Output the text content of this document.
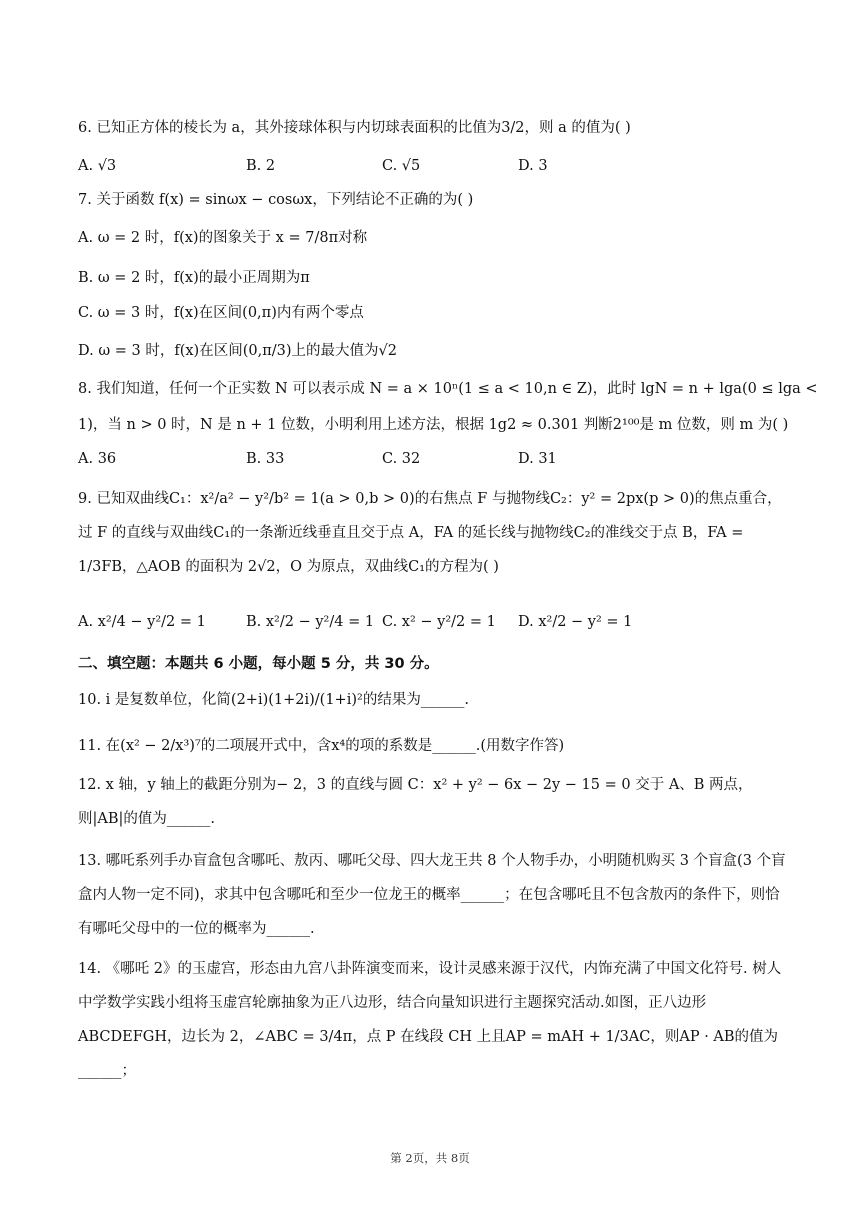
6. 已知正方体的棱长为 a，其外接球体积与内切球表面积的比值为3/2，则 a 的值为( )
A. √3	B. 2	C. √5	D. 3
7. 关于函数 f(x) = sinωx − cosωx，下列结论不正确的为( )
A. ω = 2 时，f(x)的图象关于 x = 7/8π对称
B. ω = 2 时，f(x)的最小正周期为π
C. ω = 3 时，f(x)在区间(0,π)内有两个零点
D. ω = 3 时，f(x)在区间(0,π/3)上的最大值为√2
8. 我们知道，任何一个正实数 N 可以表示成 N = a × 10ⁿ(1 ≤ a < 10,n ∈ Z)，此时 lgN = n + lga(0 ≤ lga <
1)，当 n > 0 时，N 是 n + 1 位数，小明利用上述方法，根据 1g2 ≈ 0.301 判断2¹⁰⁰是 m 位数，则 m 为( )
A. 36	B. 33	C. 32	D. 31
9. 已知双曲线C₁：x²/a² − y²/b² = 1(a > 0,b > 0)的右焦点 F 与抛物线C₂：y² = 2px(p > 0)的焦点重合，过 F 的直线与双曲线C₁的一条渐近线垂直且交于点 A，FA 的延长线与抛物线C₂的准线交于点 B，FA = 1/3FB，△AOB 的面积为 2√2，O 为原点，双曲线C₁的方程为( )
A. x²/4 − y²/2 = 1	B. x²/2 − y²/4 = 1 C. x² − y²/2 = 1 D. x²/2 − y² = 1
二、填空题：本题共 6 小题，每小题 5 分，共 30 分。
10. i 是复数单位，化简(2+i)(1+2i)/(1+i)²的结果为______.
11. 在(x² − 2/x³)⁷的二项展开式中，含x⁴的项的系数是______.(用数字作答)
12. x 轴，y 轴上的截距分别为− 2，3 的直线与圆 C：x² + y² − 6x − 2y − 15 = 0 交于 A、B 两点，则|AB|的值为______.
13. 哪吒系列手办盲盒包含哪吒、敖丙、哪吒父母、四大龙王共 8 个人物手办，小明随机购买 3 个盲盒(3 个盲盒内人物一定不同)，求其中包含哪吒和至少一位龙王的概率______；在包含哪吒且不包含敖丙的条件下，则恰有哪吒父母中的一位的概率为______.
14. 《哪吒 2》的玉虚宫，形态由九宫八卦阵演变而来，设计灵感来源于汉代，内饰充满了中国文化符号. 树人中学数学实践小组将玉虚宫轮廓抽象为正八边形，结合向量知识进行主题探究活动.如图，正八边形 ABCDEFGH，边长为 2，∠ABC = 3/4π，点 P 在线段 CH 上且AP = mAH + 1/3AC，则AP · AB的值为______；
第 2页，共 8页
